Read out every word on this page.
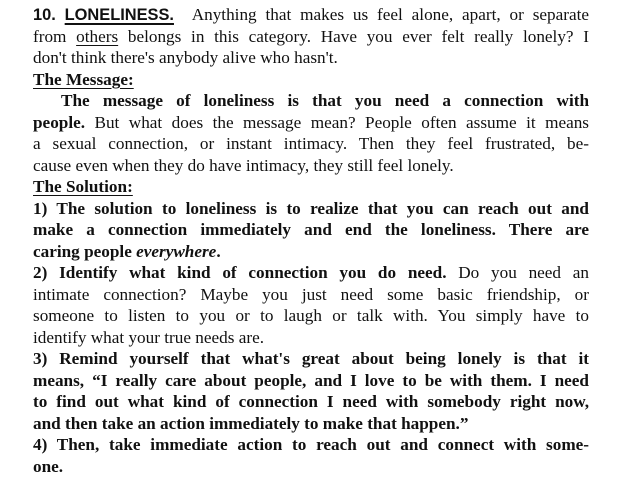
10. LONELINESS. Anything that makes us feel alone, apart, or separate
from others belongs in this category. Have you ever felt really lonely? I
don't think there's anybody alive who hasn't.
The Message:
The message of loneliness is that you need a connection with
people. But what does the message mean? People often assume it means
a sexual connection, or instant intimacy. Then they feel frustrated, be-
cause even when they do have intimacy, they still feel lonely.
The Solution:
1) The solution to loneliness is to realize that you can reach out and
make a connection immediately and end the loneliness. There are
caring people everywhere.
2) Identify what kind of connection you do need. Do you need an
intimate connection? Maybe you just need some basic friendship, or
someone to listen to you or to laugh or talk with. You simply have to
identify what your true needs are.
3) Remind yourself that what's great about being lonely is that it
means, “I really care about people, and I love to be with them. I need
to find out what kind of connection I need with somebody right now,
and then take an action immediately to make that happen.”
4) Then, take immediate action to reach out and connect with some-
one.
